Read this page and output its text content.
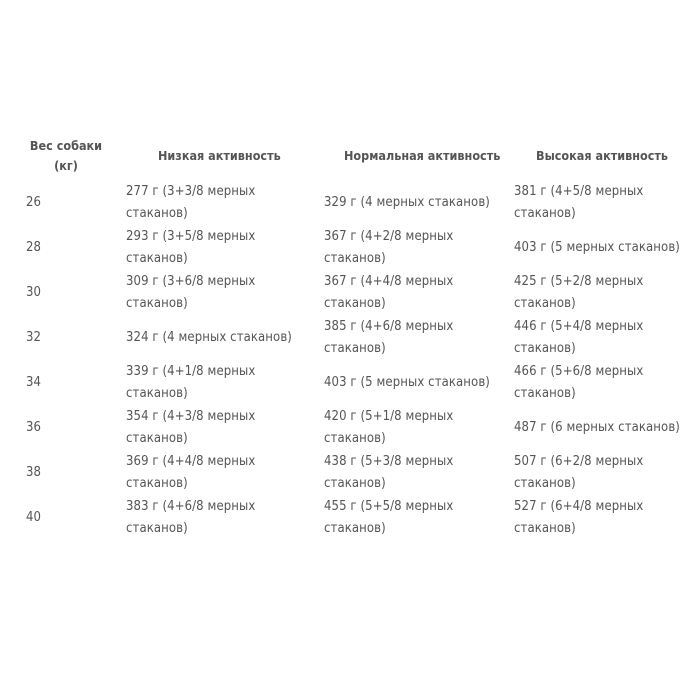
Вес собаки (кг)	Низкая активность	Нормальная активность	Высокая активность
26	277 г (3+3/8 мерных стаканов)	329 г (4 мерных стаканов)	381 г (4+5/8 мерных стаканов)
28	293 г (3+5/8 мерных стаканов)	367 г (4+2/8 мерных стаканов)	403 г (5 мерных стаканов)
30	309 г (3+6/8 мерных стаканов)	367 г (4+4/8 мерных стаканов)	425 г (5+2/8 мерных стаканов)
32	324 г (4 мерных стаканов)	385 г (4+6/8 мерных стаканов)	446 г (5+4/8 мерных стаканов)
34	339 г (4+1/8 мерных стаканов)	403 г (5 мерных стаканов)	466 г (5+6/8 мерных стаканов)
36	354 г (4+3/8 мерных стаканов)	420 г (5+1/8 мерных стаканов)	487 г (6 мерных стаканов)
38	369 г (4+4/8 мерных стаканов)	438 г (5+3/8 мерных стаканов)	507 г (6+2/8 мерных стаканов)
40	383 г (4+6/8 мерных стаканов)	455 г (5+5/8 мерных стаканов)	527 г (6+4/8 мерных стаканов)
